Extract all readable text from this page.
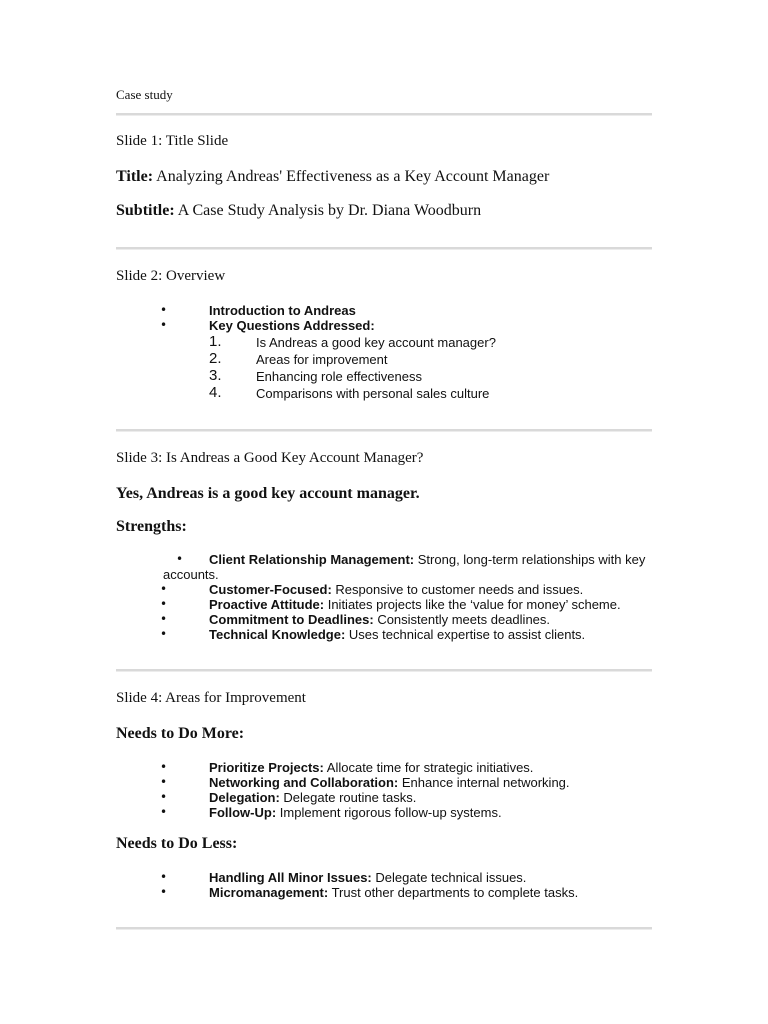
Case study
Slide 1: Title Slide
Title: Analyzing Andreas' Effectiveness as a Key Account Manager
Subtitle: A Case Study Analysis by Dr. Diana Woodburn
Slide 2: Overview
•	Introduction to Andreas
•	Key Questions Addressed:
1.	Is Andreas a good key account manager?
2.	Areas for improvement
3.	Enhancing role effectiveness
4.	Comparisons with personal sales culture
Slide 3: Is Andreas a Good Key Account Manager?
Yes, Andreas is a good key account manager.
Strengths:
• Client Relationship Management: Strong, long-term relationships with key
accounts.
•	Customer-Focused: Responsive to customer needs and issues.
•	Proactive Attitude: Initiates projects like the ‘value for money’ scheme.
•	Commitment to Deadlines: Consistently meets deadlines.
•	Technical Knowledge: Uses technical expertise to assist clients.
Slide 4: Areas for Improvement
Needs to Do More:
•	Prioritize Projects: Allocate time for strategic initiatives.
•	Networking and Collaboration: Enhance internal networking.
•	Delegation: Delegate routine tasks.
•	Follow-Up: Implement rigorous follow-up systems.
Needs to Do Less:
•	Handling All Minor Issues: Delegate technical issues.
•	Micromanagement: Trust other departments to complete tasks.
